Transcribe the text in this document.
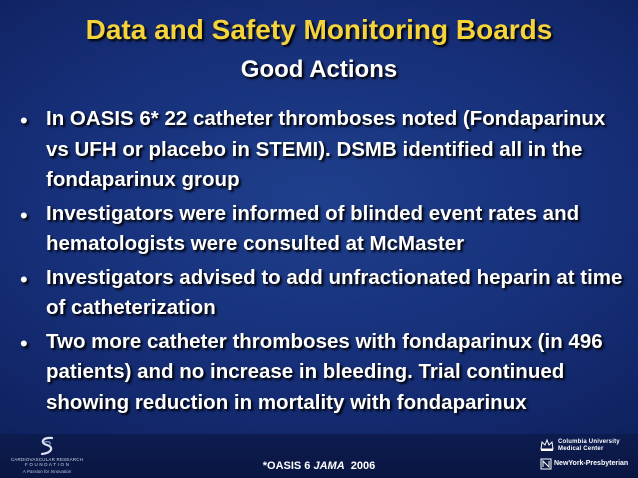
Data and Safety Monitoring Boards
Good Actions
• In OASIS 6* 22 catheter thromboses noted (Fondaparinux vs UFH or placebo in STEMI). DSMB identified all in the fondaparinux group
• Investigators were informed of blinded event rates and hematologists were consulted at McMaster
• Investigators advised to add unfractionated heparin at time of catheterization
• Two more catheter thromboses with fondaparinux (in 496 patients) and no increase in bleeding. Trial continued showing reduction in mortality with fondaparinux
CARDIOVASCULAR RESEARCH
F O U N D A T I O N
A Passion for Innovation	*OASIS 6 JAMA  2006
Columbia University
Medical Center
NewYork-Presbyterian
